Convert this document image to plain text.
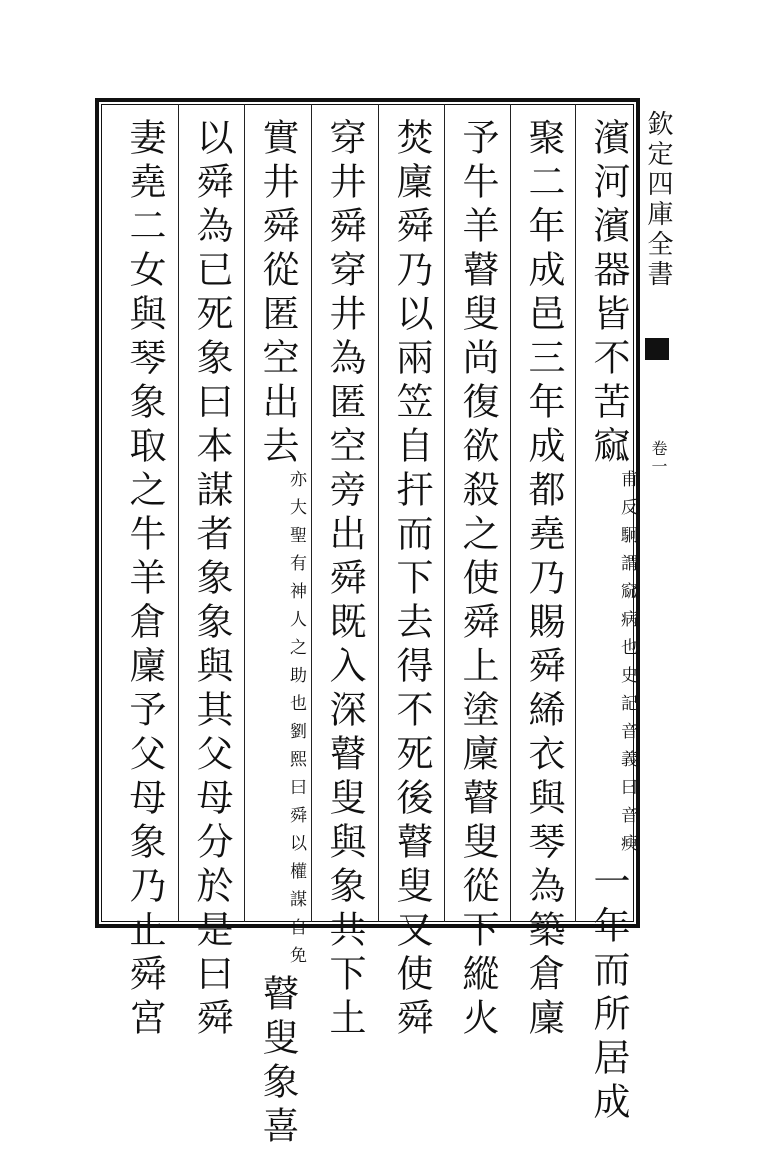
濱河濱器皆不苦窳
史記音義曰音瘐
甫反駉謂窳病也
一年而所居成
聚二年成邑三年成都堯乃賜舜絺衣與琴為築倉廩
予牛羊瞽叟尚復欲殺之使舜上塗廩瞽叟從下縱火
焚廩舜乃以兩笠自扞而下去得不死後瞽叟又使舜
穿井舜穿井為匿空旁出舜既入深瞽叟與象共下土
實井舜從匿空出去
劉熙曰舜以權謀自免
亦大聖有神人之助也
瞽叟象喜
以舜為已死象曰本謀者象象與其父母分於是曰舜
妻堯二女與琴象取之牛羊倉廩予父母象乃止舜宮	欽定四庫全書
卷一
